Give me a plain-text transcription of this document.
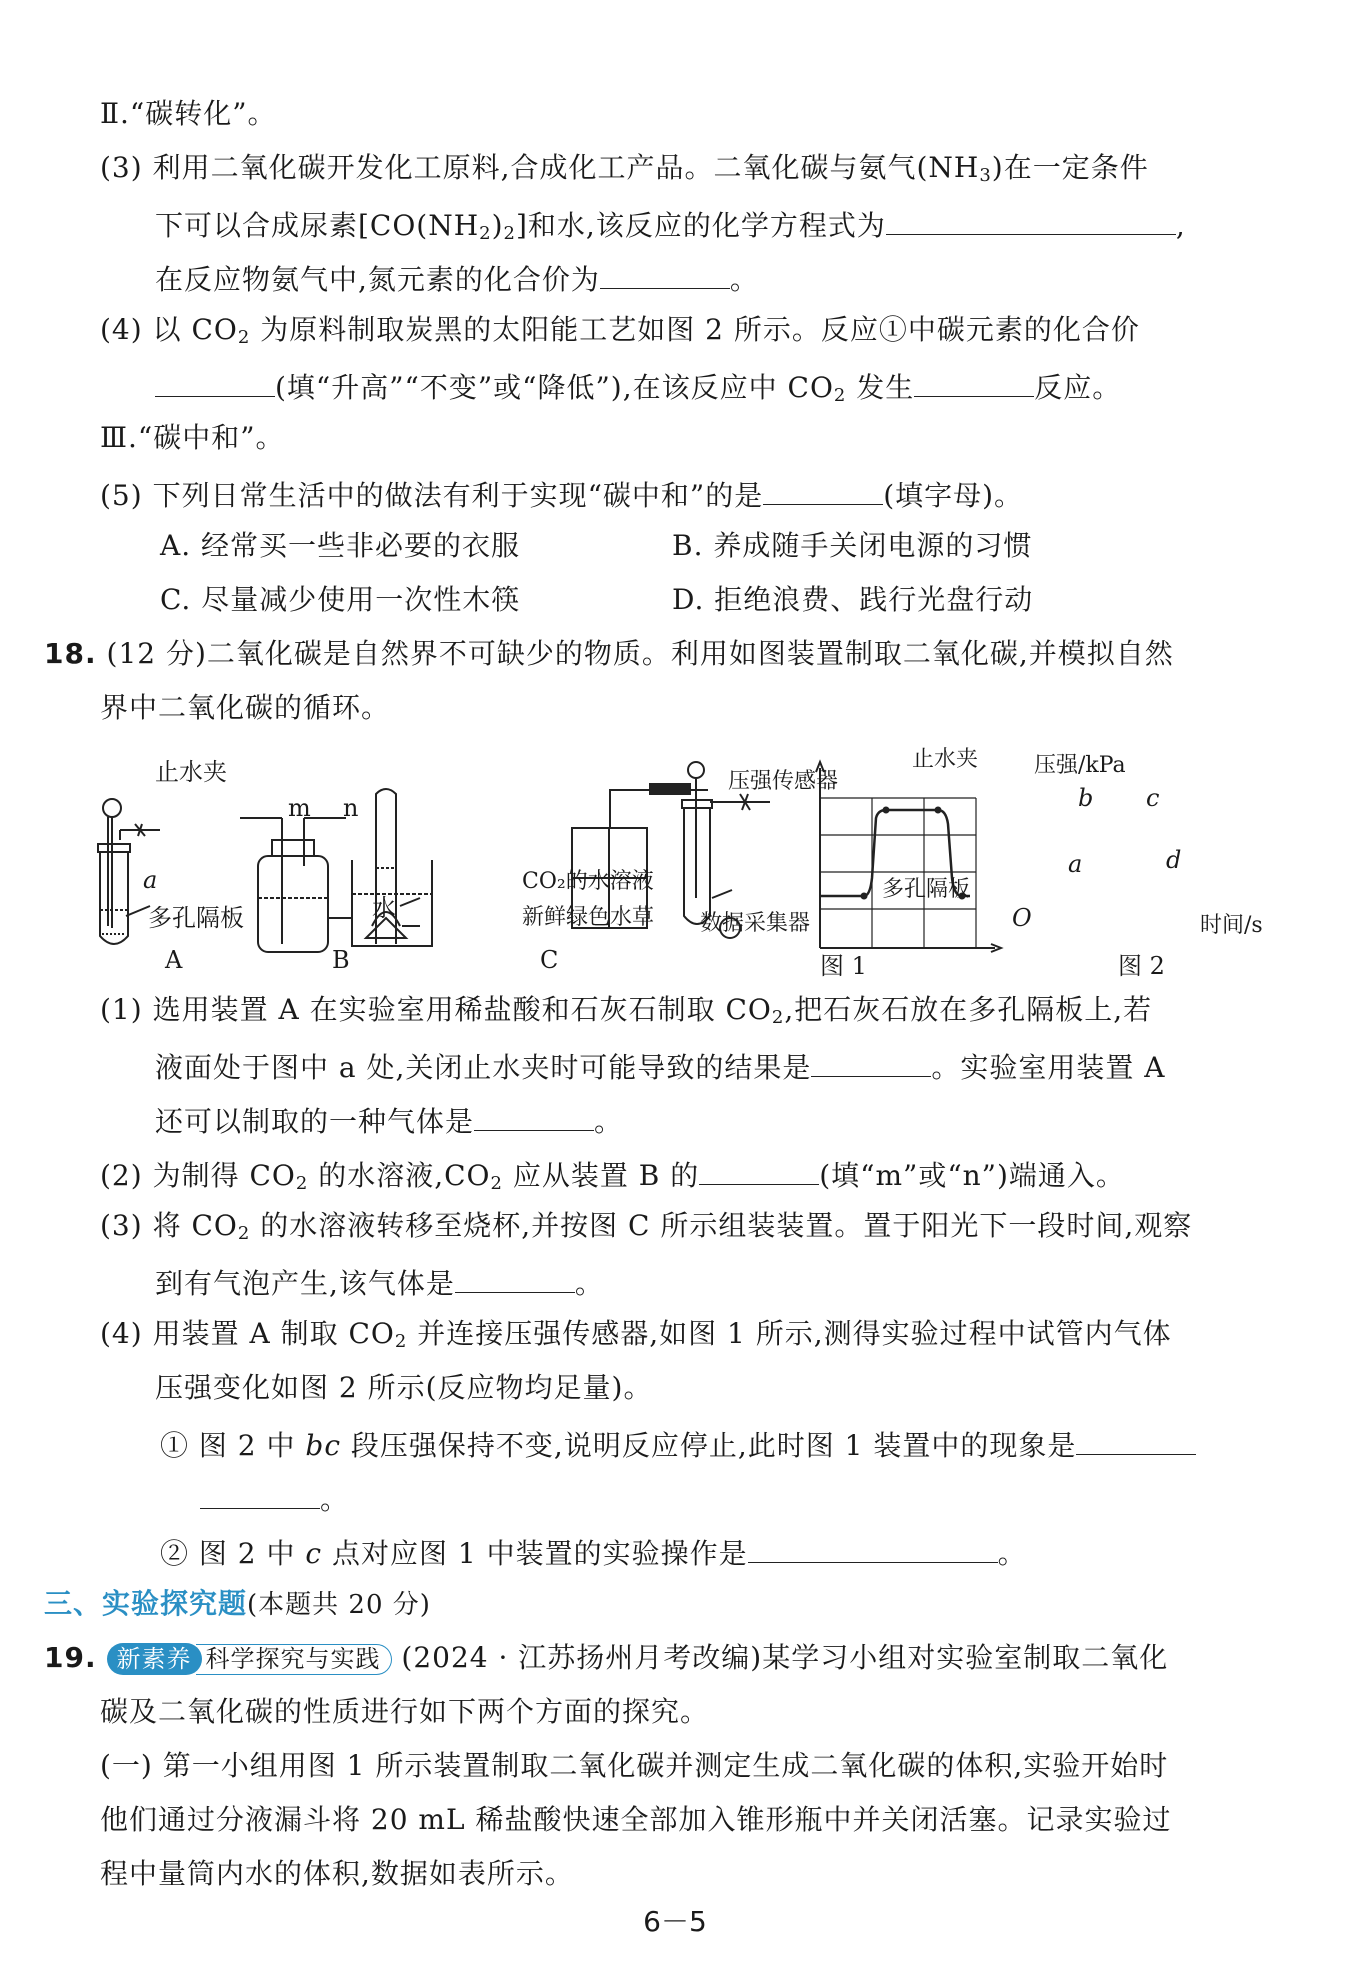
Ⅱ.“碳转化”。
(3) 利用二氧化碳开发化工原料,合成化工产品。二氧化碳与氨气$(NH_3)$在一定条件
下可以合成尿素$[CO(NH_2)_2]$和水,该反应的化学方程式为	,
在反应物氨气中,氮元素的化合价为	。
(4) 以 $CO_2$ 为原料制取炭黑的太阳能工艺如图 2 所示。反应①中碳元素的化合价
(填“升高”“不变”或“降低”),在该反应中 $CO_2$ 发生	反应。
Ⅲ.“碳中和”。
(5) 下列日常生活中的做法有利于实现“碳中和”的是	(填字母)。
A. 经常买一些非必要的衣服	B. 养成随手关闭电源的习惯
C. 尽量减少使用一次性木筷	D. 拒绝浪费、践行光盘行动
18. (12 分)二氧化碳是自然界不可缺少的物质。利用如图装置制取二氧化碳,并模拟自然
界中二氧化碳的循环。
止水夹
a
多孔隔板
A
m n
水
B
CO₂的水溶液
新鲜绿色水草
C
压强传感器
止水夹
多孔隔板
数据采集器
图 1
压强/kPa
时间/s
O
a
b c
d
图 2
(1) 选用装置 A 在实验室用稀盐酸和石灰石制取 $CO_2$,把石灰石放在多孔隔板上,若
液面处于图中 a 处,关闭止水夹时可能导致的结果是	。实验室用装置 A
还可以制取的一种气体是	。
(2) 为制得 $CO_2$ 的水溶液$,CO_2$ 应从装置 B 的	(填“m”或“n”)端通入。
(3) 将 $CO_2$ 的水溶液转移至烧杯,并按图 C 所示组装装置。置于阳光下一段时间,观察
到有气泡产生,该气体是	。
(4) 用装置 A 制取 $CO_2$ 并连接压强传感器,如图 1 所示,测得实验过程中试管内气体
压强变化如图 2 所示(反应物均足量)。
① 图 2 中 bc 段压强保持不变,说明反应停止,此时图 1 装置中的现象是
。
② 图 2 中 c 点对应图 1 中装置的实验操作是	。
三、实验探究题(本题共 20 分)
19. 新素养 科学探究与实践 (2024 · 江苏扬州月考改编)某学习小组对实验室制取二氧化
碳及二氧化碳的性质进行如下两个方面的探究。
(一) 第一小组用图 1 所示装置制取二氧化碳并测定生成二氧化碳的体积,实验开始时
他们通过分液漏斗将 20 mL 稀盐酸快速全部加入锥形瓶中并关闭活塞。记录实验过
程中量筒内水的体积,数据如表所示。
6－5
